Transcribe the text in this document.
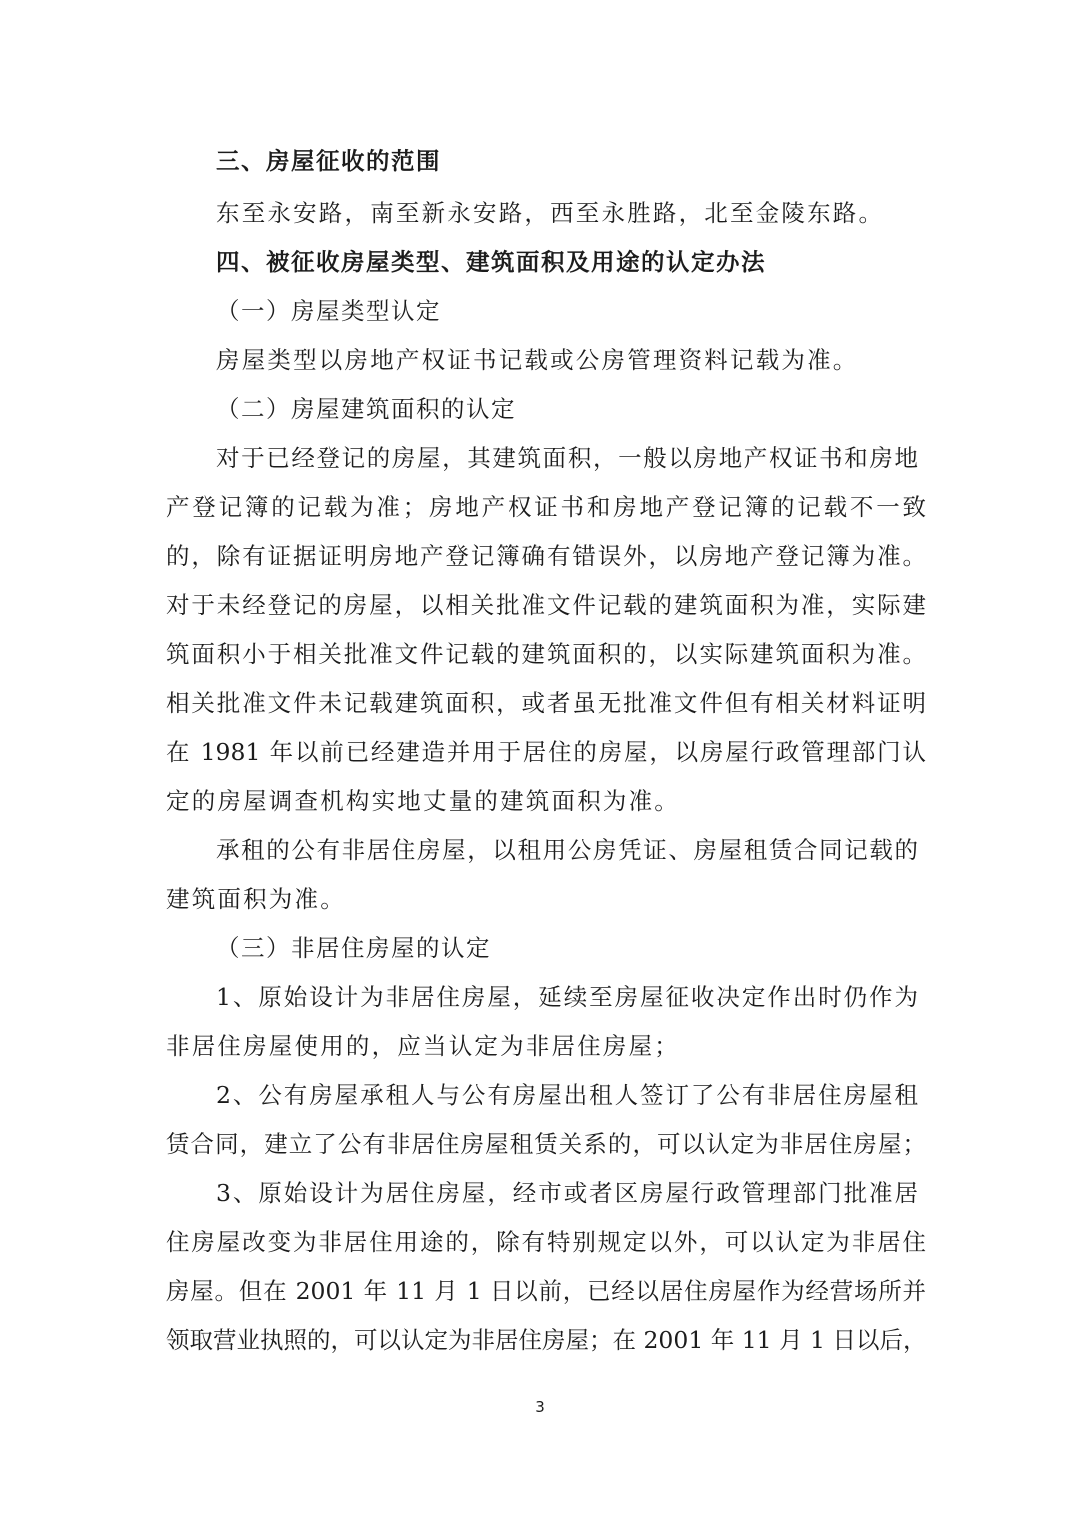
三、房屋征收的范围
东至永安路，南至新永安路，西至永胜路，北至金陵东路。
四、被征收房屋类型、建筑面积及用途的认定办法
（一）房屋类型认定
房屋类型以房地产权证书记载或公房管理资料记载为准。
（二）房屋建筑面积的认定
对于已经登记的房屋，其建筑面积，一般以房地产权证书和房地
产登记簿的记载为准；房地产权证书和房地产登记簿的记载不一致
的，除有证据证明房地产登记簿确有错误外，以房地产登记簿为准。
对于未经登记的房屋，以相关批准文件记载的建筑面积为准，实际建
筑面积小于相关批准文件记载的建筑面积的，以实际建筑面积为准。
相关批准文件未记载建筑面积，或者虽无批准文件但有相关材料证明
在 1981 年以前已经建造并用于居住的房屋，以房屋行政管理部门认
定的房屋调查机构实地丈量的建筑面积为准。
承租的公有非居住房屋，以租用公房凭证、房屋租赁合同记载的
建筑面积为准。
（三）非居住房屋的认定
1、原始设计为非居住房屋，延续至房屋征收决定作出时仍作为
非居住房屋使用的，应当认定为非居住房屋；
2、公有房屋承租人与公有房屋出租人签订了公有非居住房屋租
赁合同，建立了公有非居住房屋租赁关系的，可以认定为非居住房屋；
3、原始设计为居住房屋，经市或者区房屋行政管理部门批准居
住房屋改变为非居住用途的，除有特别规定以外，可以认定为非居住
房屋。但在 2001 年 11 月 1 日以前，已经以居住房屋作为经营场所并
领取营业执照的，可以认定为非居住房屋；在 2001 年 11 月 1 日以后，
3
